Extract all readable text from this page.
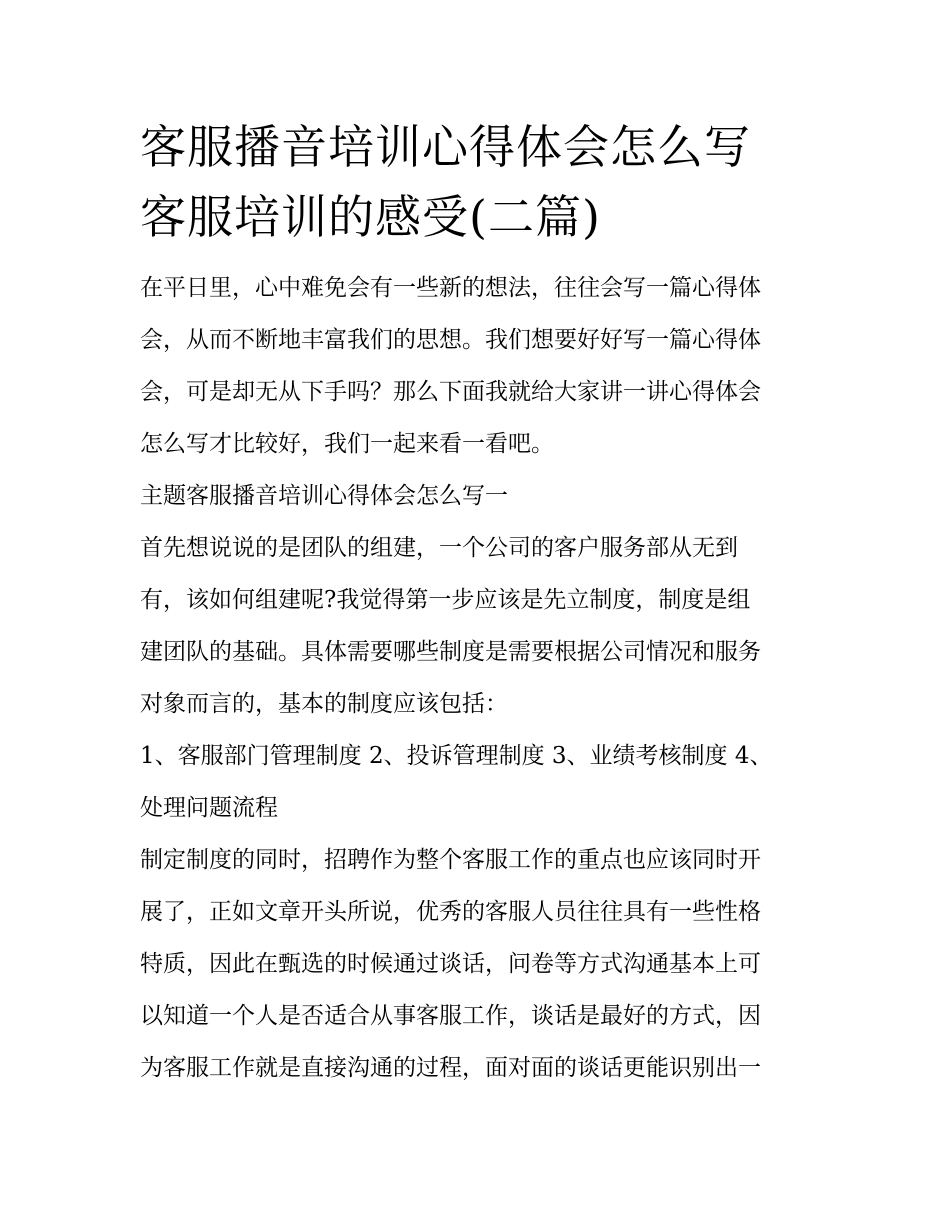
客服播音培训心得体会怎么写
客服培训的感受(二篇)

在平日里，心中难免会有一些新的想法，往往会写一篇心得体

会，从而不断地丰富我们的思想。我们想要好好写一篇心得体

会，可是却无从下手吗？那么下面我就给大家讲一讲心得体会

怎么写才比较好，我们一起来看一看吧。

主题客服播音培训心得体会怎么写一

首先想说说的是团队的组建，一个公司的客户服务部从无到

有，该如何组建呢?我觉得第一步应该是先立制度，制度是组

建团队的基础。具体需要哪些制度是需要根据公司情况和服务

对象而言的，基本的制度应该包括：

1、客服部门管理制度 2、投诉管理制度 3、业绩考核制度 4、

处理问题流程

制定制度的同时，招聘作为整个客服工作的重点也应该同时开

展了，正如文章开头所说，优秀的客服人员往往具有一些性格

特质，因此在甄选的时候通过谈话，问卷等方式沟通基本上可

以知道一个人是否适合从事客服工作，谈话是最好的方式，因

为客服工作就是直接沟通的过程，面对面的谈话更能识别出一
